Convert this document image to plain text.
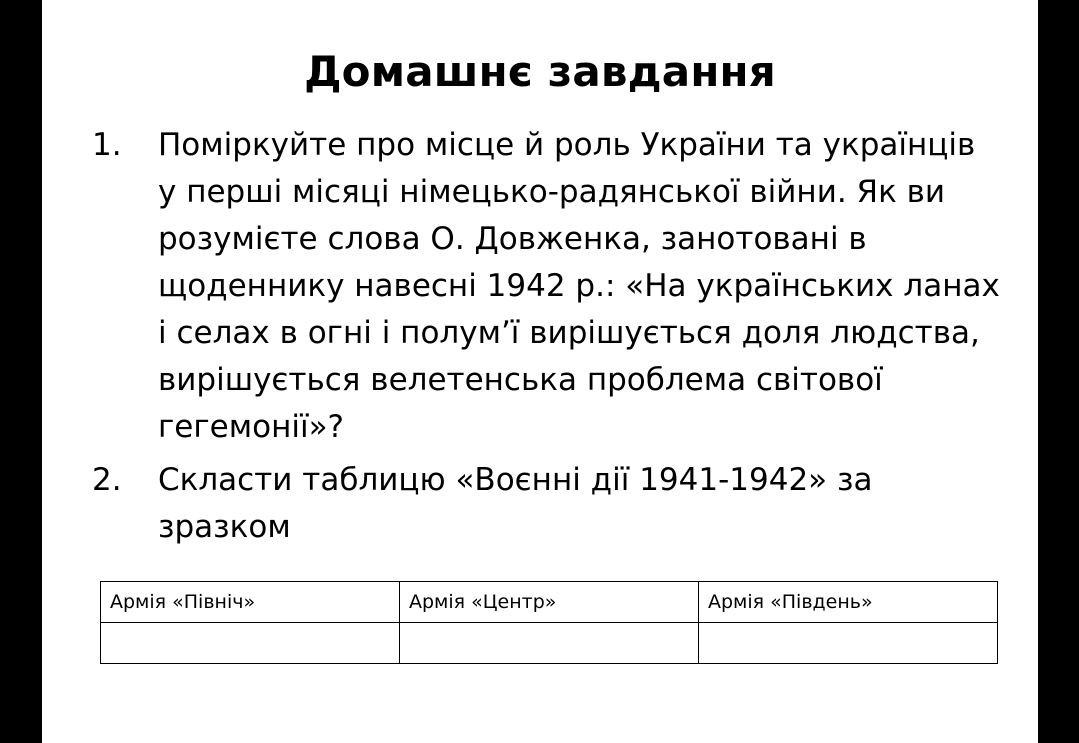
Домашнє завдання
1.	Поміркуйте про місце й роль України та українців
у перші місяці німецько-радянської війни. Як ви
розумієте слова О. Довженка, занотовані в
щоденнику навесні 1942 р.: «На українських ланах
і селах в огні і полум’ї вирішується доля людства,
вирішується велетенська проблема світової
гегемонії»?
2.	Скласти таблицю «Воєнні дії 1941-1942» за
зразком
Армія «Північ»	Армія «Центр»	Армія «Південь»
